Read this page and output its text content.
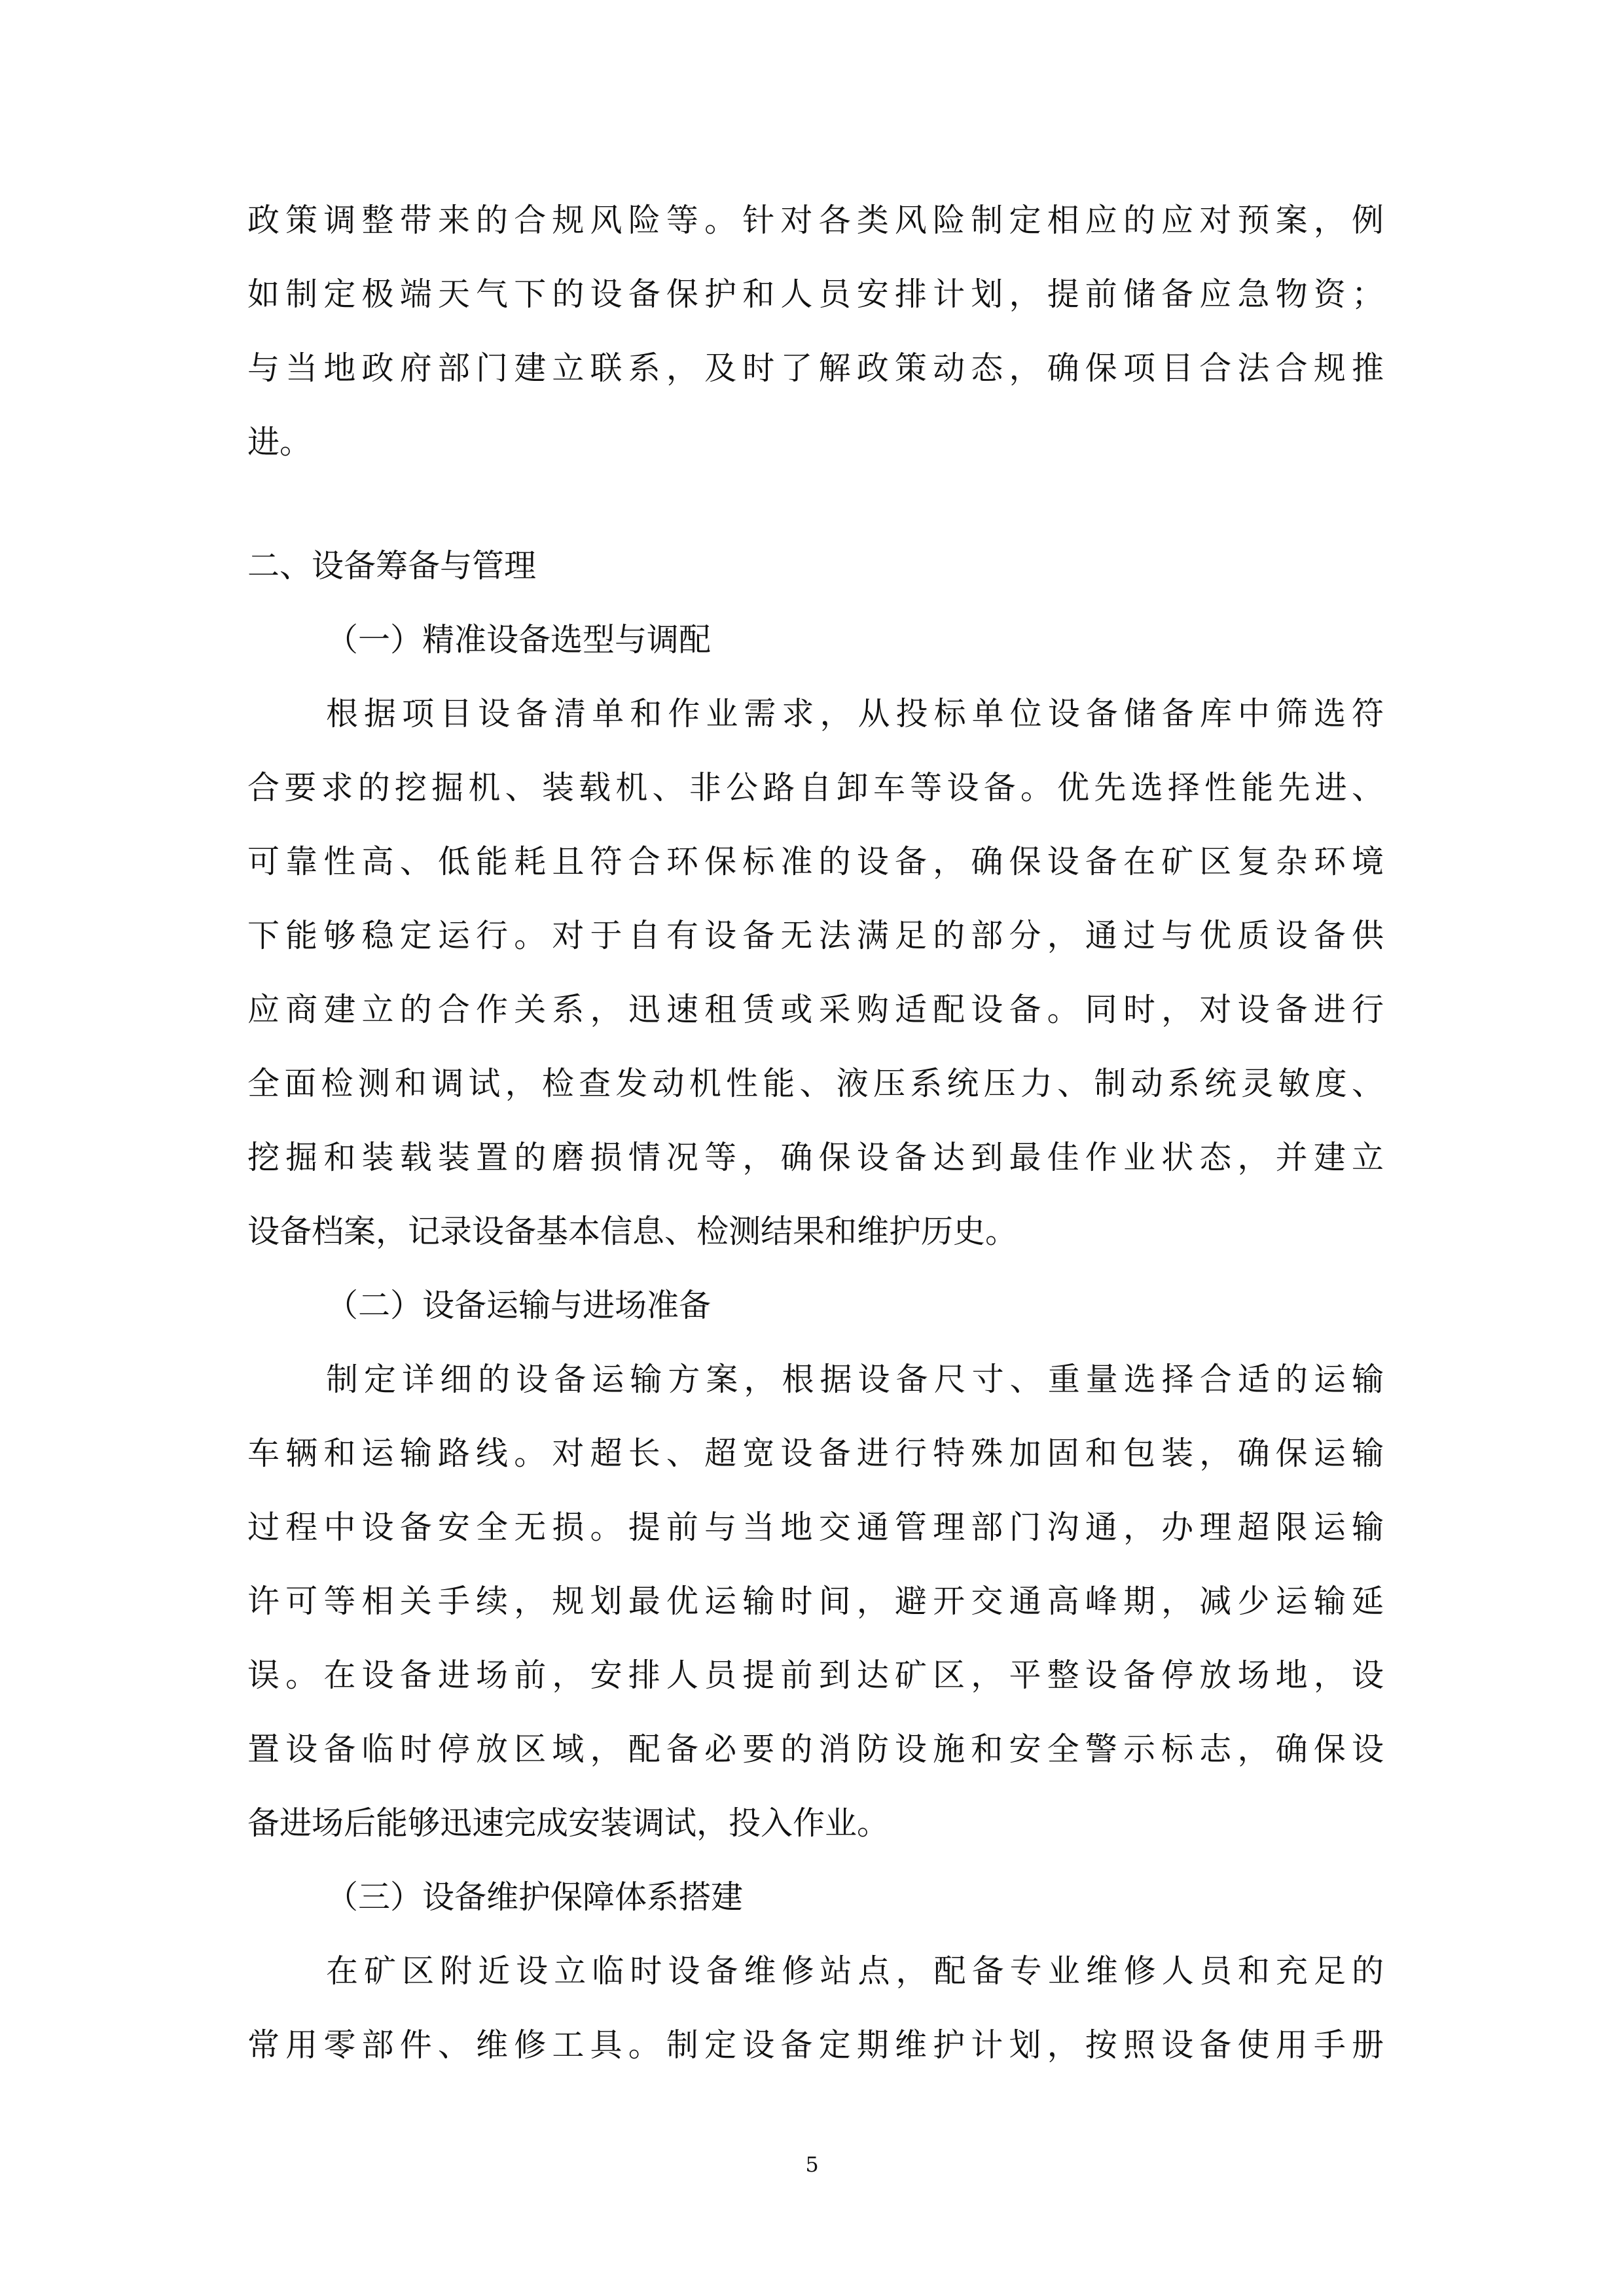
政策调整带来的合规风险等。针对各类风险制定相应的应对预案，例
如制定极端天气下的设备保护和人员安排计划，提前储备应急物资；
与当地政府部门建立联系，及时了解政策动态，确保项目合法合规推
进。
二、设备筹备与管理
（一）精准设备选型与调配
根据项目设备清单和作业需求，从投标单位设备储备库中筛选符
合要求的挖掘机、装载机、非公路自卸车等设备。优先选择性能先进、
可靠性高、低能耗且符合环保标准的设备，确保设备在矿区复杂环境
下能够稳定运行。对于自有设备无法满足的部分，通过与优质设备供
应商建立的合作关系，迅速租赁或采购适配设备。同时，对设备进行
全面检测和调试，检查发动机性能、液压系统压力、制动系统灵敏度、
挖掘和装载装置的磨损情况等，确保设备达到最佳作业状态，并建立
设备档案，记录设备基本信息、检测结果和维护历史。
（二）设备运输与进场准备
制定详细的设备运输方案，根据设备尺寸、重量选择合适的运输
车辆和运输路线。对超长、超宽设备进行特殊加固和包装，确保运输
过程中设备安全无损。提前与当地交通管理部门沟通，办理超限运输
许可等相关手续，规划最优运输时间，避开交通高峰期，减少运输延
误。在设备进场前，安排人员提前到达矿区，平整设备停放场地，设
置设备临时停放区域，配备必要的消防设施和安全警示标志，确保设
备进场后能够迅速完成安装调试，投入作业。
（三）设备维护保障体系搭建
在矿区附近设立临时设备维修站点，配备专业维修人员和充足的
常用零部件、维修工具。制定设备定期维护计划，按照设备使用手册
5
